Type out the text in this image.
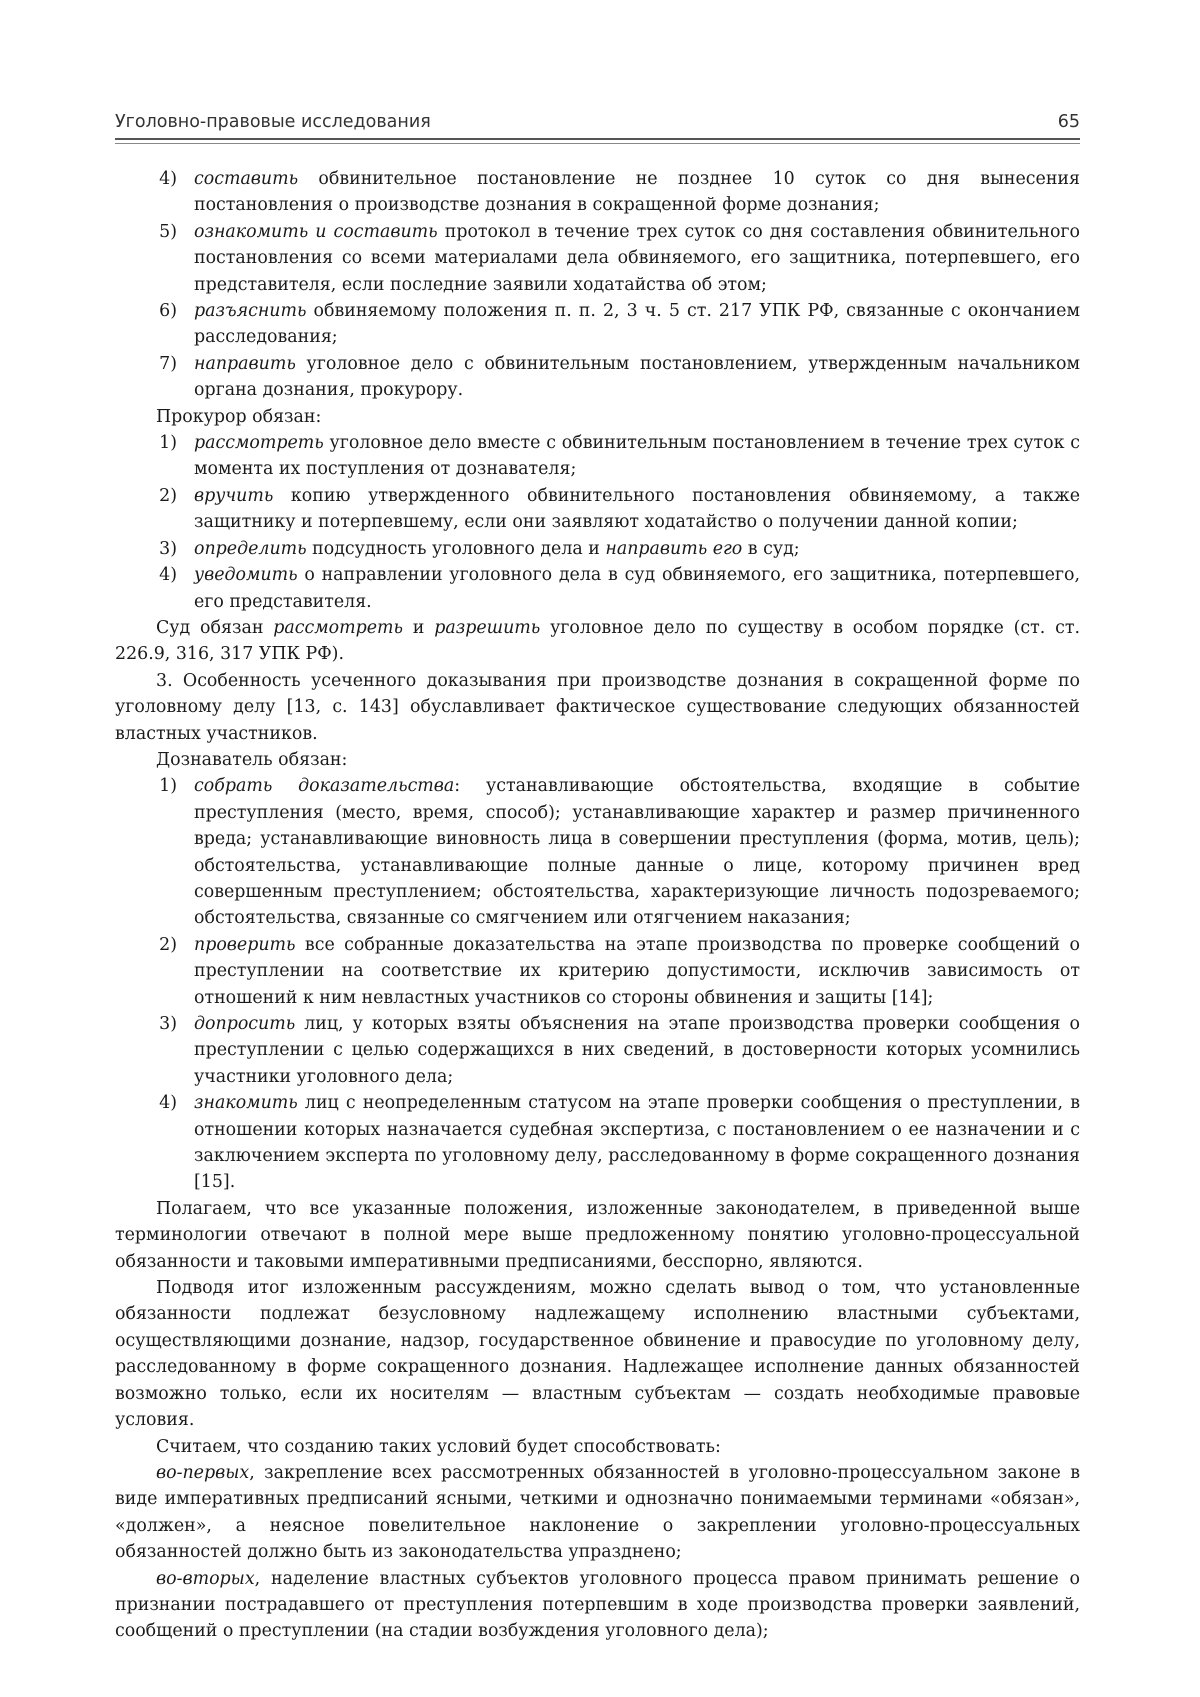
Уголовно-правовые исследования	65
4) составить обвинительное постановление не позднее 10 суток со дня вынесения постановления о производстве дознания в сокращенной форме дознания;
5) ознакомить и составить протокол в течение трех суток со дня составления обвинительного постановления со всеми материалами дела обвиняемого, его защитника, потерпевшего, его представителя, если последние заявили ходатайства об этом;
6) разъяснить обвиняемому положения п. п. 2, 3 ч. 5 ст. 217 УПК РФ, связанные с окончанием расследования;
7) направить уголовное дело с обвинительным постановлением, утвержденным начальником органа дознания, прокурору.

Прокурор обязан:

1) рассмотреть уголовное дело вместе с обвинительным постановлением в течение трех суток с момента их поступления от дознавателя;
2) вручить копию утвержденного обвинительного постановления обвиняемому, а также защитнику и потерпевшему, если они заявляют ходатайство о получении данной копии;
3) определить подсудность уголовного дела и направить его в суд;
4) уведомить о направлении уголовного дела в суд обвиняемого, его защитника, потерпевшего, его представителя.

Суд обязан рассмотреть и разрешить уголовное дело по существу в особом порядке (ст. ст. 226.9, 316, 317 УПК РФ).

3. Особенность усеченного доказывания при производстве дознания в сокращенной форме по уголовному делу [13, с. 143] обуславливает фактическое существование следующих обязанностей властных участников.

Дознаватель обязан:

1) собрать доказательства: устанавливающие обстоятельства, входящие в событие преступления (место, время, способ); устанавливающие характер и размер причиненного вреда; устанавливающие виновность лица в совершении преступления (форма, мотив, цель); обстоятельства, устанавливающие полные данные о лице, которому причинен вред совершенным преступлением; обстоятельства, характеризующие личность подозреваемого; обстоятельства, связанные со смягчением или отягчением наказания;
2) проверить все собранные доказательства на этапе производства по проверке сообщений о преступлении на соответствие их критерию допустимости, исключив зависимость от отношений к ним невластных участников со стороны обвинения и защиты [14];
3) допросить лиц, у которых взяты объяснения на этапе производства проверки сообщения о преступлении с целью содержащихся в них сведений, в достоверности которых усомнились участники уголовного дела;
4) знакомить лиц с неопределенным статусом на этапе проверки сообщения о преступлении, в отношении которых назначается судебная экспертиза, с постановлением о ее назначении и с заключением эксперта по уголовному делу, расследованному в форме сокращенного дознания [15].

Полагаем, что все указанные положения, изложенные законодателем, в приведенной выше терминологии отвечают в полной мере выше предложенному понятию уголовно-процессуальной обязанности и таковыми императивными предписаниями, бесспорно, являются.

Подводя итог изложенным рассуждениям, можно сделать вывод о том, что установленные обязанности подлежат безусловному надлежащему исполнению властными субъектами, осуществляющими дознание, надзор, государственное обвинение и правосудие по уголовному делу, расследованному в форме сокращенного дознания. Надлежащее исполнение данных обязанностей возможно только, если их носителям — властным субъектам — создать необходимые правовые условия.

Считаем, что созданию таких условий будет способствовать:

во-первых, закрепление всех рассмотренных обязанностей в уголовно-процессуальном законе в виде императивных предписаний ясными, четкими и однозначно понимаемыми терминами «обязан», «должен», а неясное повелительное наклонение о закреплении уголовно-процессуальных обязанностей должно быть из законодательства упразднено;

во-вторых, наделение властных субъектов уголовного процесса правом принимать решение о признании пострадавшего от преступления потерпевшим в ходе производства проверки заявлений, сообщений о преступлении (на стадии возбуждения уголовного дела);
